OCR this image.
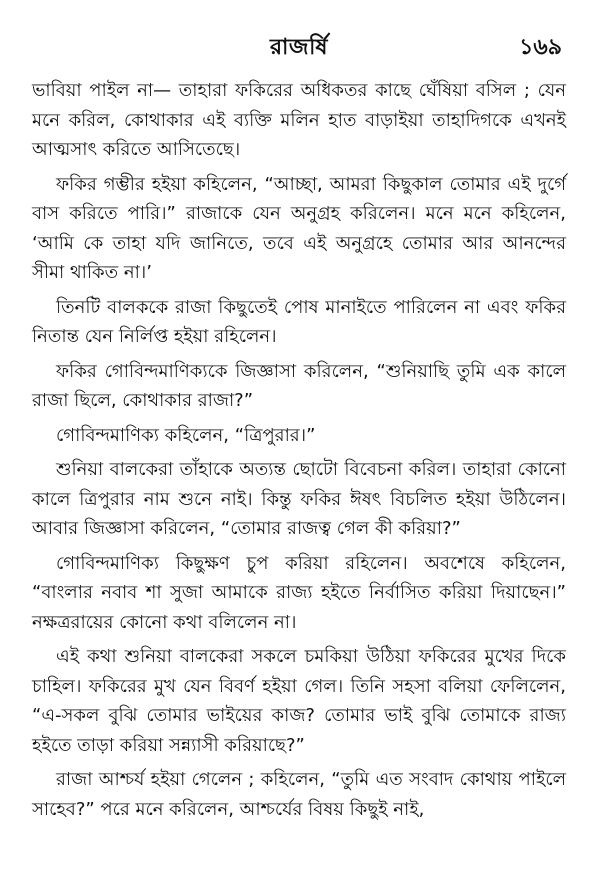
রাজর্ষি	১৬৯

ভাবিয়া পাইল না— তাহারা ফকিরের অধিকতর কাছে ঘেঁষিয়া বসিল ; যেন মনে করিল, কোথাকার এই ব্যক্তি মলিন হাত বাড়াইয়া তাহাদিগকে এখনই আত্মসাৎ করিতে আসিতেছে।

ফকির গম্ভীর হইয়া কহিলেন, “আচ্ছা, আমরা কিছুকাল তোমার এই দুর্গে বাস করিতে পারি।” রাজাকে যেন অনুগ্রহ করিলেন। মনে মনে কহিলেন, ‘আমি কে তাহা যদি জানিতে, তবে এই অনুগ্রহে তোমার আর আনন্দের সীমা থাকিত না।’

তিনটি বালককে রাজা কিছুতেই পোষ মানাইতে পারিলেন না এবং ফকির নিতান্ত যেন নির্লিপ্ত হইয়া রহিলেন।

ফকির গোবিন্দমাণিক্যকে জিজ্ঞাসা করিলেন, “শুনিয়াছি তুমি এক কালে রাজা ছিলে, কোথাকার রাজা?”

গোবিন্দমাণিক্য কহিলেন, “ত্রিপুরার।”

শুনিয়া বালকেরা তাঁহাকে অত্যন্ত ছোটো বিবেচনা করিল। তাহারা কোনো কালে ত্রিপুরার নাম শুনে নাই। কিন্তু ফকির ঈষৎ বিচলিত হইয়া উঠিলেন। আবার জিজ্ঞাসা করিলেন, “তোমার রাজত্ব গেল কী করিয়া?”

গোবিন্দমাণিক্য কিছুক্ষণ চুপ করিয়া রহিলেন। অবশেষে কহিলেন, “বাংলার নবাব শা সুজা আমাকে রাজ্য হইতে নির্বাসিত করিয়া দিয়াছেন।” নক্ষত্ররায়ের কোনো কথা বলিলেন না।

এই কথা শুনিয়া বালকেরা সকলে চমকিয়া উঠিয়া ফকিরের মুখের দিকে চাহিল। ফকিরের মুখ যেন বিবর্ণ হইয়া গেল। তিনি সহসা বলিয়া ফেলিলেন, “এ-সকল বুঝি তোমার ভাইয়ের কাজ? তোমার ভাই বুঝি তোমাকে রাজ্য হইতে তাড়া করিয়া সন্ন্যাসী করিয়াছে?”

রাজা আশ্চর্য হইয়া গেলেন ; কহিলেন, “তুমি এত সংবাদ কোথায় পাইলে সাহেব?” পরে মনে করিলেন, আশ্চর্যের বিষয় কিছুই নাই,
